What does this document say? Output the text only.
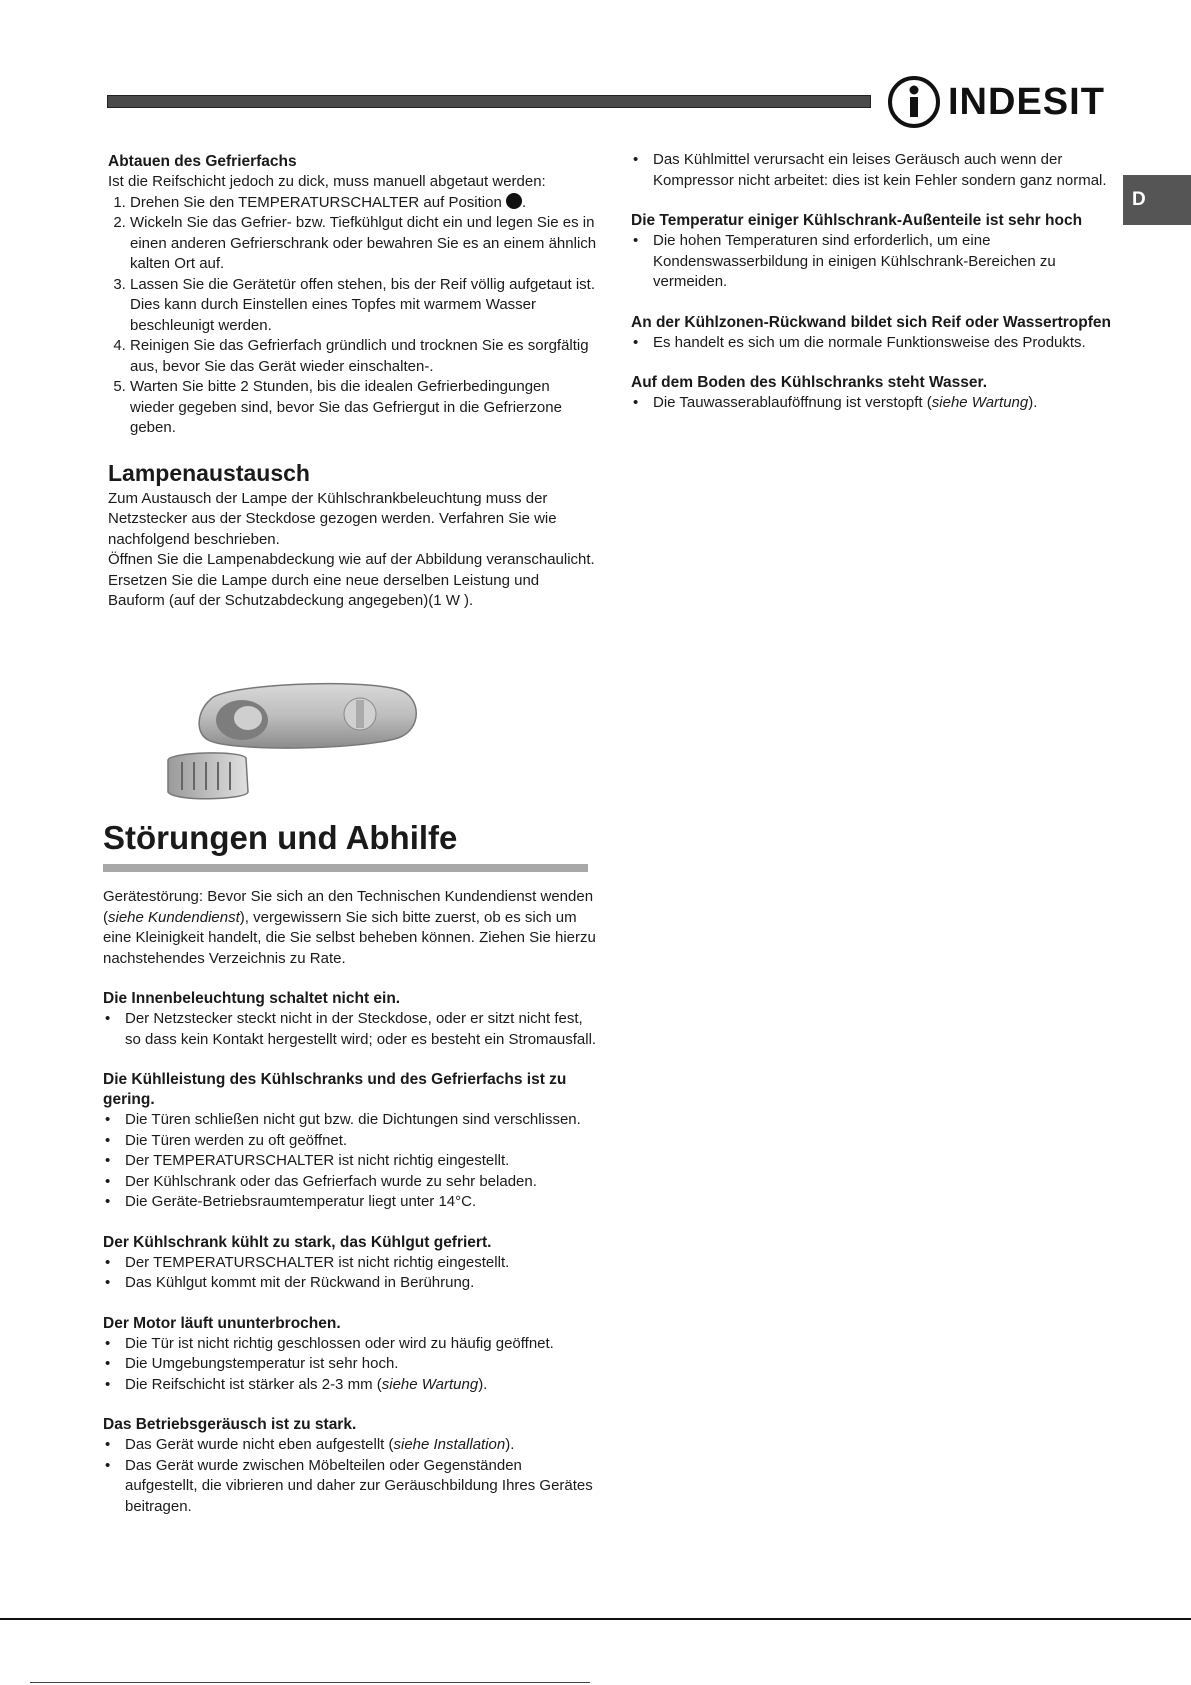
INDESIT
D
Abtauen des Gefrierfachs

Ist die Reifschicht jedoch zu dick, muss manuell abgetaut werden:

1. Drehen Sie den TEMPERATURSCHALTER auf Position .
2. Wickeln Sie das Gefrier- bzw. Tiefkühlgut dicht ein und legen Sie es in einen anderen Gefrierschrank oder bewahren Sie es an einem ähnlich kalten Ort auf.
3. Lassen Sie die Gerätetür offen stehen, bis der Reif völlig aufgetaut ist. Dies kann durch Einstellen eines Topfes mit warmem Wasser beschleunigt werden.
4. Reinigen Sie das Gefrierfach gründlich und trocknen Sie es sorgfältig aus, bevor Sie das Gerät wieder einschalten-.
5. Warten Sie bitte 2 Stunden, bis die idealen Gefrierbedingungen wieder gegeben sind, bevor Sie das Gefriergut in die Gefrierzone geben.
Lampenaustausch

Zum Austausch der Lampe der Kühlschrankbeleuchtung muss der Netzstecker aus der Steckdose gezogen werden. Verfahren Sie wie nachfolgend beschrieben.

Öffnen Sie die Lampenabdeckung wie auf der Abbildung veranschaulicht. Ersetzen Sie die Lampe durch eine neue derselben Leistung und Bauform (auf der Schutzabdeckung angegeben)(1 W ).

Störungen und Abhilfe

Gerätestörung: Bevor Sie sich an den Technischen Kundendienst wenden (siehe Kundendienst), vergewissern Sie sich bitte zuerst, ob es sich um eine Kleinigkeit handelt, die Sie selbst beheben können. Ziehen Sie hierzu nachstehendes Verzeichnis zu Rate.

Die Innenbeleuchtung schaltet nicht ein.
• Der Netzstecker steckt nicht in der Steckdose, oder er sitzt nicht fest, so dass kein Kontakt hergestellt wird; oder es besteht ein Stromausfall.
Die Kühlleistung des Kühlschranks und des Gefrierfachs ist zu gering.
• Die Türen schließen nicht gut bzw. die Dichtungen sind verschlissen.
• Die Türen werden zu oft geöffnet.
• Der TEMPERATURSCHALTER ist nicht richtig eingestellt.
• Der Kühlschrank oder das Gefrierfach wurde zu sehr beladen.
• Die Geräte-Betriebsraumtemperatur liegt unter 14°C.
Der Kühlschrank kühlt zu stark, das Kühlgut gefriert.
• Der TEMPERATURSCHALTER ist nicht richtig eingestellt.
• Das Kühlgut kommt mit der Rückwand in Berührung.
Der Motor läuft ununterbrochen.
• Die Tür ist nicht richtig geschlossen oder wird zu häufig geöffnet.
• Die Umgebungstemperatur ist sehr hoch.
• Die Reifschicht ist stärker als 2-3 mm (siehe Wartung).
Das Betriebsgeräusch ist zu stark.
• Das Gerät wurde nicht eben aufgestellt (siehe Installation).
• Das Gerät wurde zwischen Möbelteilen oder Gegenständen aufgestellt, die vibrieren und daher zur Geräuschbildung Ihres Gerätes beitragen.
• Das Kühlmittel verursacht ein leises Geräusch auch wenn der Kompressor nicht arbeitet: dies ist kein Fehler sondern ganz normal.
Die Temperatur einiger Kühlschrank-Außenteile ist sehr hoch
• Die hohen Temperaturen sind erforderlich, um eine Kondenswasserbildung in einigen Kühlschrank-Bereichen zu vermeiden.
An der Kühlzonen-Rückwand bildet sich Reif oder Wassertropfen
• Es handelt es sich um die normale Funktionsweise des Produkts.
Auf dem Boden des Kühlschranks steht Wasser.
• Die Tauwasserablauföffnung ist verstopft (siehe Wartung).
